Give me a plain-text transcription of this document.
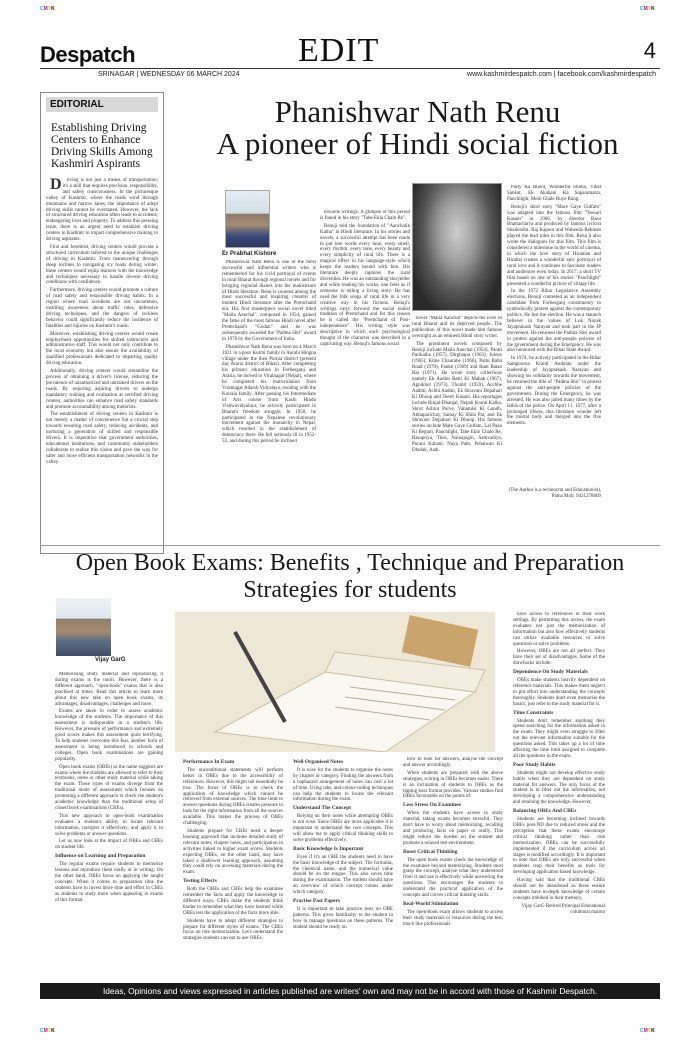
CMYK	CMYK
CMYK	CMYK
Despatch	EDIT	4
SRINAGAR | WEDNESDAY 06 MARCH 2024	www.kashmirdespatch.com | facebook.com/kashmirdespatch
EDITORIAL
Establishing Driving Centers to Enhance Driving Skills Among Kashmiri Aspirants

Driving is not just a means of transportation; it's a skill that requires precision, responsibility, and safety consciousness. In the picturesque valley of Kashmir, where the roads wind through mountains and narrow lanes, the importance of adept driving skills cannot be overstated. However, the lack of structured driving education often leads to accidents, endangering lives and property. To address this pressing issue, there is an urgent need to establish driving centers in Kashmir to impart comprehensive training to driving aspirants.

First and foremost, driving centers would provide a structured curriculum tailored to the unique challenges of driving in Kashmir. From maneuvering through steep inclines to navigating icy roads during winter, these centers would equip learners with the knowledge and techniques necessary to handle diverse driving conditions with confidence.

Furthermore, driving centers would promote a culture of road safety and responsible driving habits. In a region where road accidents are not uncommon, instilling awareness about traffic rules, defensive driving techniques, and the dangers of reckless behavior could significantly reduce the incidence of fatalities and injuries on Kashmir's roads.

Moreover, establishing driving centers would create employment opportunities for skilled instructors and administrative staff. This would not only contribute to the local economy but also ensure the availability of qualified professionals dedicated to imparting quality driving education.

Additionally, driving centers would streamline the process of obtaining a driver's license, reducing the prevalence of unauthorized and untrained drivers on the roads. By requiring aspiring drivers to undergo mandatory training and evaluation at certified driving centers, authorities can enhance road safety standards and promote accountability among motorists.

The establishment of driving centers in Kashmir is not merely a matter of convenience but a crucial step towards ensuring road safety, reducing accidents, and nurturing a generation of skilled and responsible drivers. It is imperative that government authorities, educational institutions, and community stakeholders collaborate to realize this vision and pave the way for safer and more efficient transportation networks in the valley.

Phanishwar Nath Renu
A pioneer of Hindi social fiction
Er Prabhat Kishore

Phanishwar Nath Renu is one of the most successful and influential writers who is remembered for his vivid portrayal of events in rural Bharat through regional novels and for bringing regional dialect into the mainstream of Hindi literature. Renu is counted among the most successful and inspiring creators of modern Hindi literature after the Premchand era. His first masterpiece social novel titled "Maila Aanchal", composed in 1954, gained the fame of the most famous Hindi novel after Premchand's "Godan" and he was subsequently awarded the "Padma Shri" award in 1970 by the Government of India.

Phanishwar Nath Renu was born on 4 March 1921 in a poor Kurmi family in Aurahi Hingna village under the then Purnia district (present day Araria district of Bihar). After completing his primary education in Forbesganj and Araria, he moved to Viratnagar (Nepal), where he completed his matriculation from Viratnagar Adarsh Vidyalaya, residing with the Koirala family. After passing his Intermediate of Arts course from Kashi Hindu Vishwavidyalaya, he actively participated in Bharat's freedom struggle. In 1950, he participated in the Nepalese revolutionary movement against the monarchy in Nepal, which resulted in the establishment of democracy there. He fell seriously ill in 1952-53, and during this period he inclined

towards writings. A glimpse of this period is found in his story "Tabe Ekla Chalo Re".

Renuji told the foundation of "Aanchalik Katha" in Hindi literature. In his stories and novels, a successful attempt has been made to put into words every tune, every smell, every rhythm, every tone, every beauty and every simplicity of rural life. There is a magical effect in his language-style which keeps the readers bound with him. His literature deeply captures the rural diversities. He was an outstanding storyteller and while reading his works, one feels as if someone is telling a living story. He has used the folk songs of rural life in a very creative way in his fictions. Renuji's writings carry forward the social realist tradition of Premchand and for this reason he is called the "Premchand of Post-independence". His writing style was descriptive in which each psychological thought of the character was described in a captivating way. Renuji's famous social

novel "Maila Aanchal" depicts the lives of rural Bharat and its deprived people. The publication of this novel made him famous overnight as an eminent Hindi story writer.

The prominent novels composed by Renuji include Maila Aanchal (1954), Parati Parikatha (1957), Dirghtapa (1963), Juloos (1965), Kitne Chaurahe (1966), Paltu Babu Road (1979), Pankh (1969) and Ram Ratan Rai (1971). He wrote story collections namely Ek Aadim Ratri Ki Mahak (1967), Agnikhor (1973), Thumri (1959), Acchhe Aadmi, Achhi Aadmi, Ek Shravani Dopahari Ki Dhoop and Teesri Kasam. His reportages include Rinjal-Dhanjal, Nepali Kranti Katha, Shrut Ashrut Purve, Vanatulsi Ki Gandh, Atmaparichay, Samay Ki Shila Par, and Ek Shravani Dopahari Ki Dhoop. His famous stories include Mare Gaye Gulfam, Lal Paan Ki Begum, Panchlight, Tabe Eklo Chalo Re, Rasapriya, Thes, Nainajogin, Samvadiya, Purani Kahani: Naya Path, Pehalwan Ki Dholak, Aadi.

Party Ka Bhoot, Wonderful Studio, Vikat Sankat, Ek Akahani Ka Saparamatra, Panchlight, Mein Ghale Ruye Rang.

Renuji's short story "Mare Gaye Gulfam" was adapted into the famous film "Teesari Kasam" in 1966, by director Basu Bhattacharya and produced by famous lyricist Shailendra. Raj Kapoor and Waheeda Rehman played the lead roles in this film. Renu ji also wrote the dialogues for this film. This film is considered a milestone in the world of cinema, in which the love story of Hiraman and Hirabai creates a wonderful epic portrayal of rural love and it continues to fascinate readers and audiences even today. In 2017, a short TV film based on one of his stories "Panchlight" presented a wonderful picture of village life.

In the 1972 Bihar Legislative Assembly elections, Renuji contested as an independent candidate from Forbesganj constituency to symbolically protest against the contemporary politics. He lost the election. He was a staunch believer in the values of Lok Nayak Jayaprakash Narayan and took part in the JP movement. He returned the Padma Shri award in protest against the anti-people policies of the government during the Emergency. He was also honoured with the Bihar State Award.

In 1974, he actively participated in the Bihar Sampoorna Kranti Andolan under the leadership of Jayaprakash Narayan and showing his solidarity towards the movement, he returned the title of "Padma Shri" in protest against the anti-people policies of the government. During the Emergency, he was arrested. He was also jailed many times by the lathis of the police. On April 11, 1977, after a prolonged illness, this literature wonder left the mortal body and merged into the five elements.

(The Author is a technocrat and Educationist), Patna Mob. 9431278809
Open Book Exams: Benefits , Technique and Preparation Strategies for students
Vijay GarG

Memorising study material and reproducing it during exams is the norm. However, there is a different approach, "open-book" exams that is also practised at times. Read this article to learn more about this new take on open book exams, its advantages, disadvantages, challenges and more.

Exams are taken in order to assess academic knowledge of the students. The importance of this assessment is indisputable in a student's life. However, the pressure of performance and extremely good scores makes this assessment quite terrifying. To help students overcome this fear, another form of assessment is being introduced in schools and colleges. Open book examinations are gaining popularity.

Open book exams (OBEs) as the name suggests are exams where the students are allowed to refer to their textbooks, notes or other study material while taking the exam. These types of exams diverge from the traditional mode of assessment which focuses on promoting a different approach to check the student's academic knowledge than the traditional setup of closed book examinations (CBEs).

This new approach to open-book examination evaluates a student's ability to locate relevant information, interpret it effectively, and apply it to solve problems or answer questions.

Let us now look at the impact of OBEs and CBEs on student life.

Influence on Learning and Preparation

The regular exams require students to memorize lessons and reproduce them orally or in writing. On the other hand, OBEs focus on applying the taught concepts. When it comes to preparation time the students have to invest more time and effort in CBEs as students to study more when appearing in exams of this format.

Performance In Exam

The unconditional statements will perform better in OBEs due to the accessibility of references. However, this might not essentially be true. The focus of OBEs is to check the application of knowledge which cannot be retrieved from external sources. The time limit to answer questions during OBEs creates pressure to look for the right information from all the sources available. This makes the process of OBEs challenging.

Students prepare for CBEs need a deeper learning approach that includes detailed study of relevant notes, chapter notes, and participation in activities linked to higher exam scores. Students expecting OBEs, on the other hand, may have taken a shallower learning approach, assuming they could rely on accessing materials during the exam.

Testing Effects

Both the OBEs and CBEs help the examinee remember the facts and apply the knowledge in different ways. CBEs make the students think harder to remember what they have learned while OBEs test the application of the facts more able.

Students have to adopt different strategies to prepare for different styles of exams. The CBEs focus on rote memorization. Let's understand the strategies students can opt to ace OBEs.

Well Organised Notes

It is wise for the students to organise the notes by chapter or category. Finding the answers from a haphazard arrangement of notes can cost a lot of time. Using tabs, and colour-coding techniques can help the students to locate the relevant information during the exam.

Understand The Concept

Relying on their notes while attempting OBEs is not wise. Since OBEs are more applicable it is important to understand the core concepts. This will allow me to apply critical thinking skills to solve problems effectively.

Basic Knowledge Is Important

Even if it's an OBE the students need to have the basic knowledge of the subject. The formulas, the chemical name, and the numerical value should be on the tongue. This also saves time during the examination. The student should have an overview of which concept comes under which category.

Practise Past Papers

It is important to take practice tests on OBE patterns. This gives familiarity to the student in how to manage questions on these patterns. The student should be ready on

how to look for answers, analyse the concept and answer accordingly.

When students are prepared with the above strategies, scoring in OBEs becomes easier. There is an inclination of students to OBEs as the tipping boss format provides. Various studies find OBEs favourable on the points of:

Less Stress On Examinee

When the students have access to study material, taking exams becomes stressful. They don't have to worry about memorizing, recalling and producing facts on paper or orally. This might reduce the burden on the student and promote a relaxed test environment.

Boost Critical Thinking

The open book exams check the knowledge of the examinee beyond memorizing. Students must grasp the concept, analyse what they understood from it and use it effectively while answering the questions. This encourages the students to understand the practical application of the concepts and curves critical thinking skills.

Real-World Stimulation

The open-book exam allows students to access their study materials or resources during the test, much like professionals

have access to references in their work settings. By permitting this access, the exam evaluates not just the memorization of information but also how effectively students can utilize available resources to solve questions or solve problems.

However, OBEs are not all perfect. They have their set of disadvantages. Some of the drawbacks include:

Dependence On Study Materials

OBEs make students heavily dependent on reference materials. This makes them neglect to put effort into understanding the concepts thoroughly. Students don't even memorise the basics, just refer to the study material for it.

Time Constraints

Students don't remember anything they spend searching for the information asked in the exam. They might even struggle to filter out the relevant information suitable for the questions asked. This takes up a lot of time affecting the time limit assigned to complete all the questions in the exam.

Poor Study Habits

Students might not develop effective study habits when they are dependent on study material for answers. The only focus of the student is to filter out the information, not developing a comprehensive understanding and retaining the knowledge. However,

Balancing OBEs And CBEs

Students are becoming inclined towards OBEs post-ND due to reduced stress and the perception that these exams encourage critical thinking rather than rote memorization. OBEs can be successfully implemented if the curriculum across all stages is modified accordingly. It is important to note that OBEs are only successful when students reap their benefits as tools for developing application based knowledge.

Having said that the traditional CBEs should not be abandoned as these ensure students have in-depth knowledge of certain concepts imbibed in their memory.

Vijay GarG Retired Principal Educational columnist malout

Ideas, Opinions and views expressed in articles published are writers' own and may not be in accord with those of Kashmir Despatch.
